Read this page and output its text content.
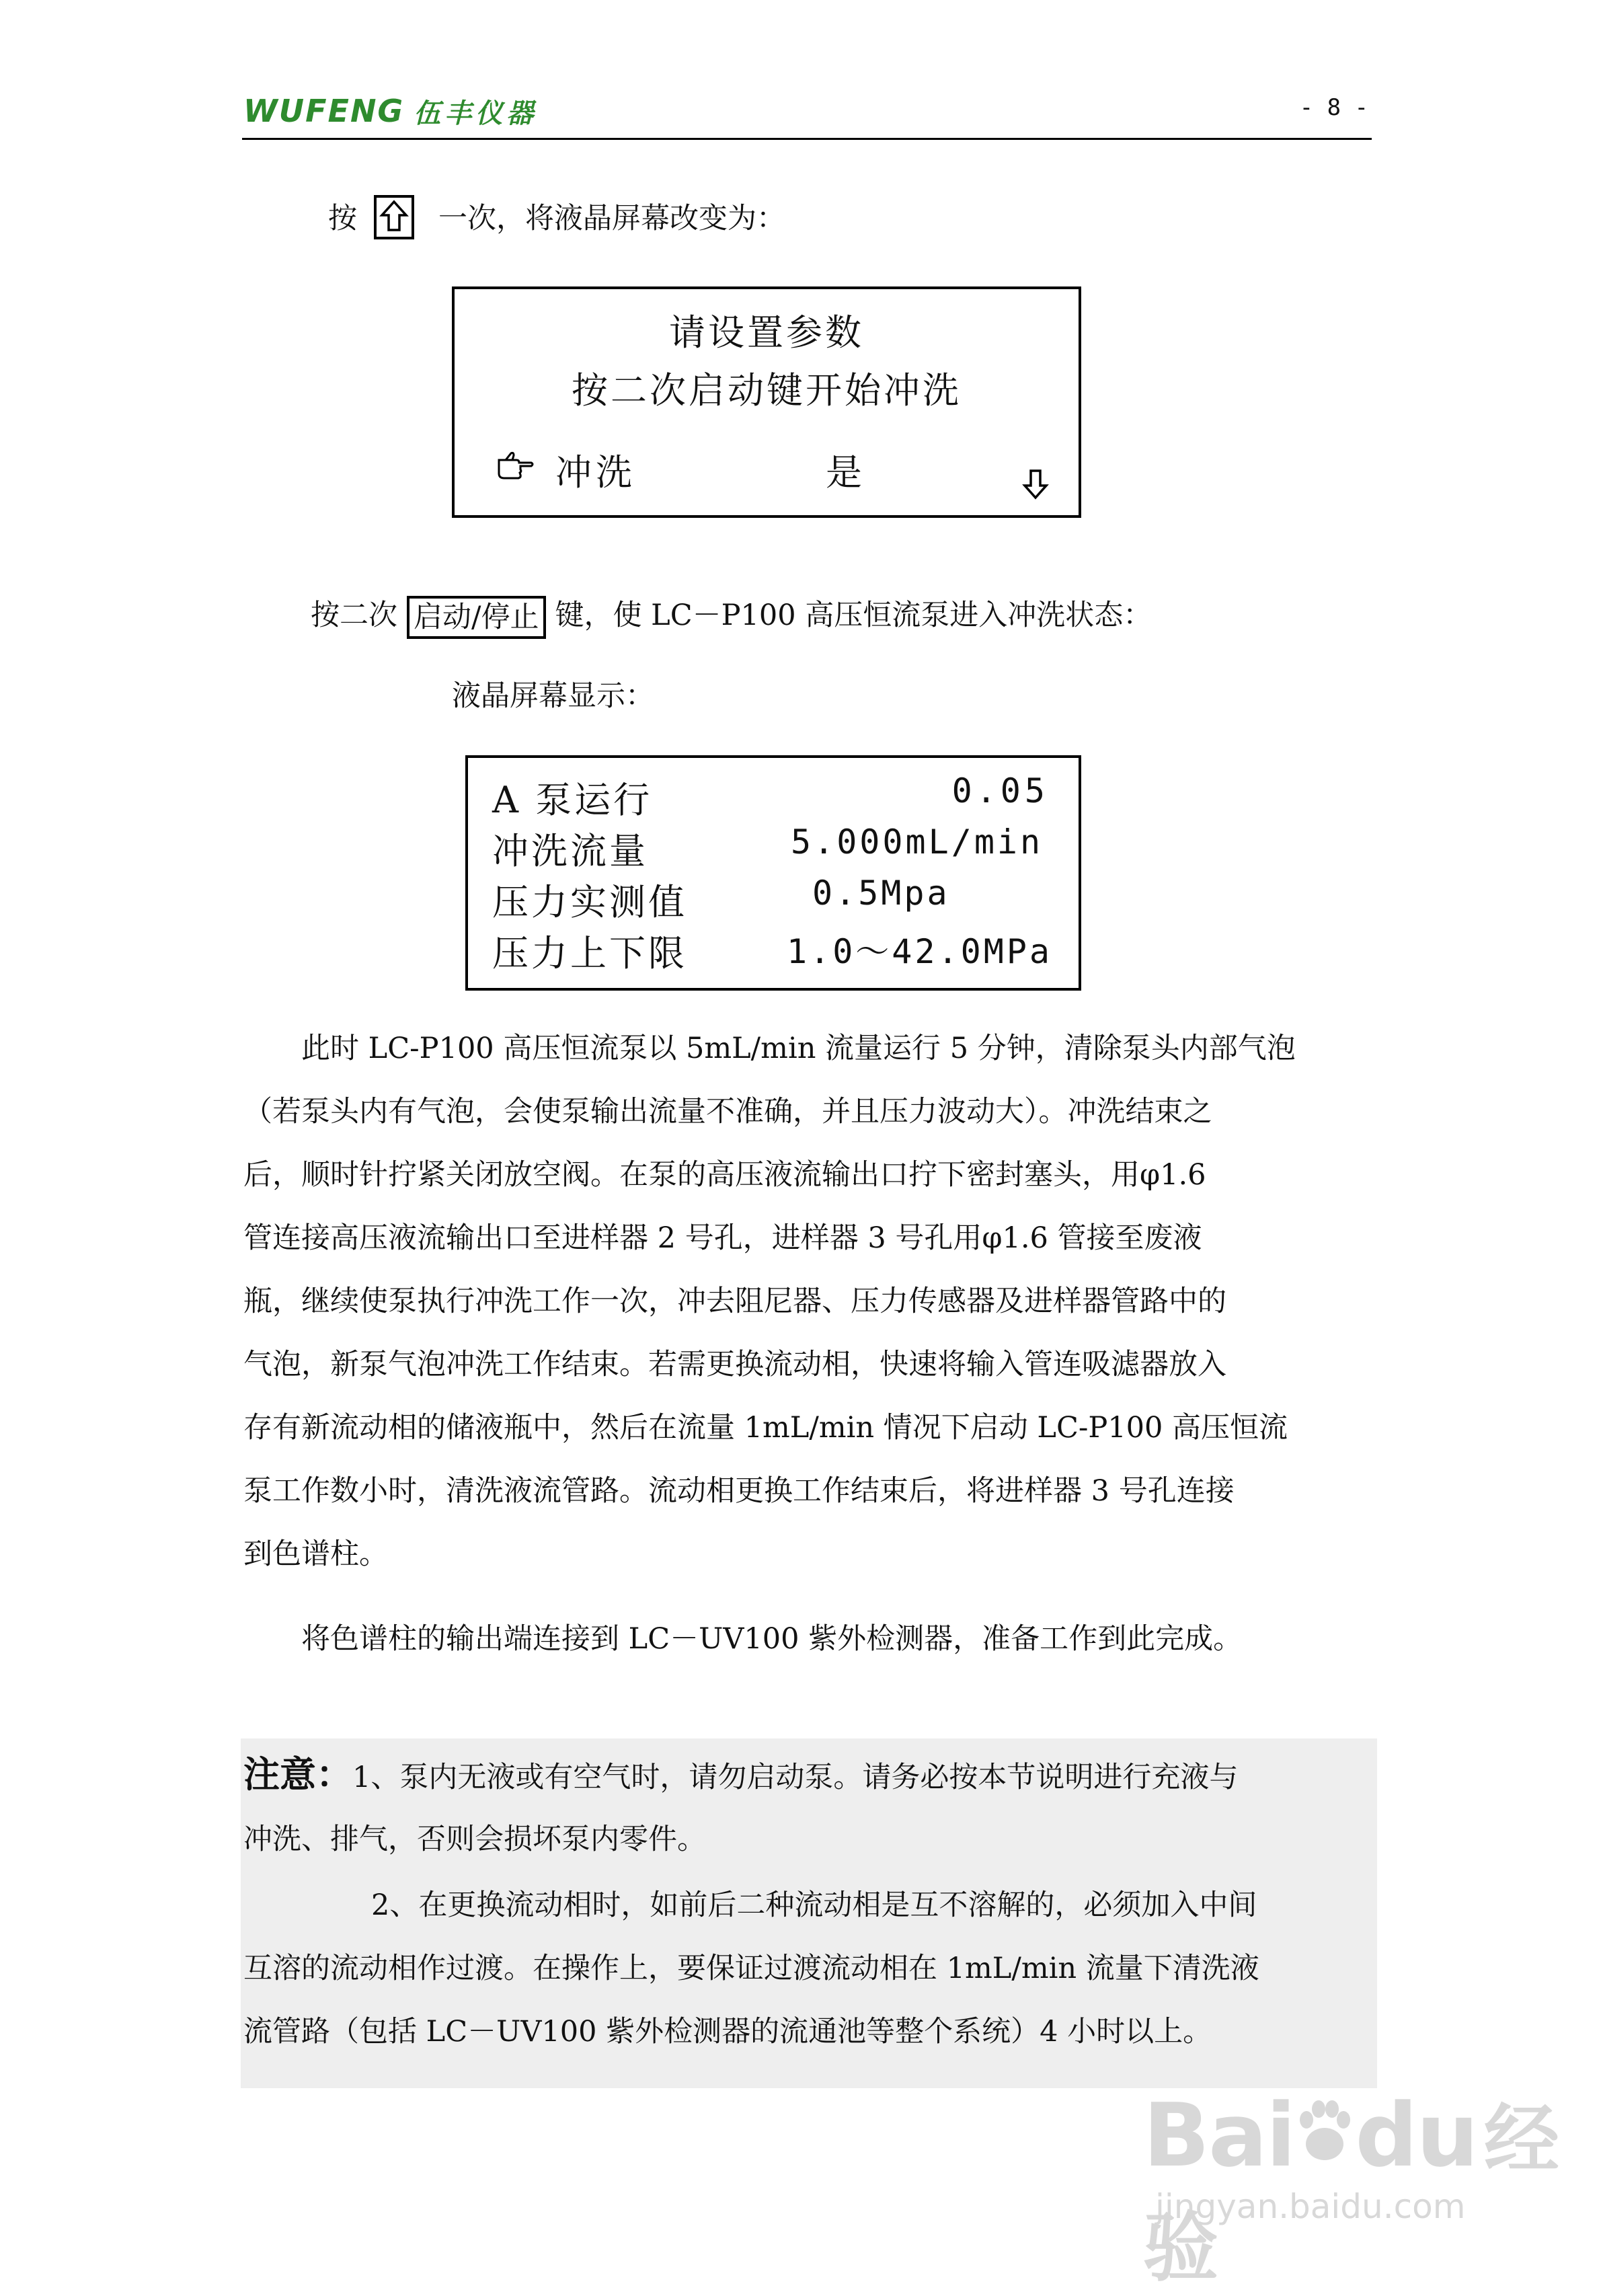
WUFENG 伍丰仪器	- 8 -
按	一次，将液晶屏幕改变为：
请设置参数
按二次启动键开始冲洗
冲洗	是
按二次 启动/停止 键，使 LC－P100 高压恒流泵进入冲洗状态：
液晶屏幕显示：
A 泵运行	0.05
冲洗流量	5.000mL/min
压力实测值	0.5Mpa
压力上下限	1.0～42.0MPa
此时 LC-P100 高压恒流泵以 5mL/min 流量运行 5 分钟，清除泵头内部气泡
（若泵头内有气泡，会使泵输出流量不准确，并且压力波动大）。冲洗结束之
后，顺时针拧紧关闭放空阀。在泵的高压液流输出口拧下密封塞头，用φ1.6
管连接高压液流输出口至进样器 2 号孔，进样器 3 号孔用φ1.6 管接至废液
瓶，继续使泵执行冲洗工作一次，冲去阻尼器、压力传感器及进样器管路中的
气泡，新泵气泡冲洗工作结束。若需更换流动相，快速将输入管连吸滤器放入
存有新流动相的储液瓶中，然后在流量 1mL/min 情况下启动 LC-P100 高压恒流
泵工作数小时，清洗液流管路。流动相更换工作结束后，将进样器 3 号孔连接
到色谱柱。
将色谱柱的输出端连接到 LC－UV100 紫外检测器，准备工作到此完成。
注意：1、泵内无液或有空气时，请勿启动泵。请务必按本节说明进行充液与
冲洗、排气，否则会损坏泵内零件。
2、在更换流动相时，如前后二种流动相是互不溶解的，必须加入中间
互溶的流动相作过渡。在操作上，要保证过渡流动相在 1mL/min 流量下清洗液
流管路（包括 LC－UV100 紫外检测器的流通池等整个系统）4 小时以上。
Bai du经验
jingyan.baidu.com
